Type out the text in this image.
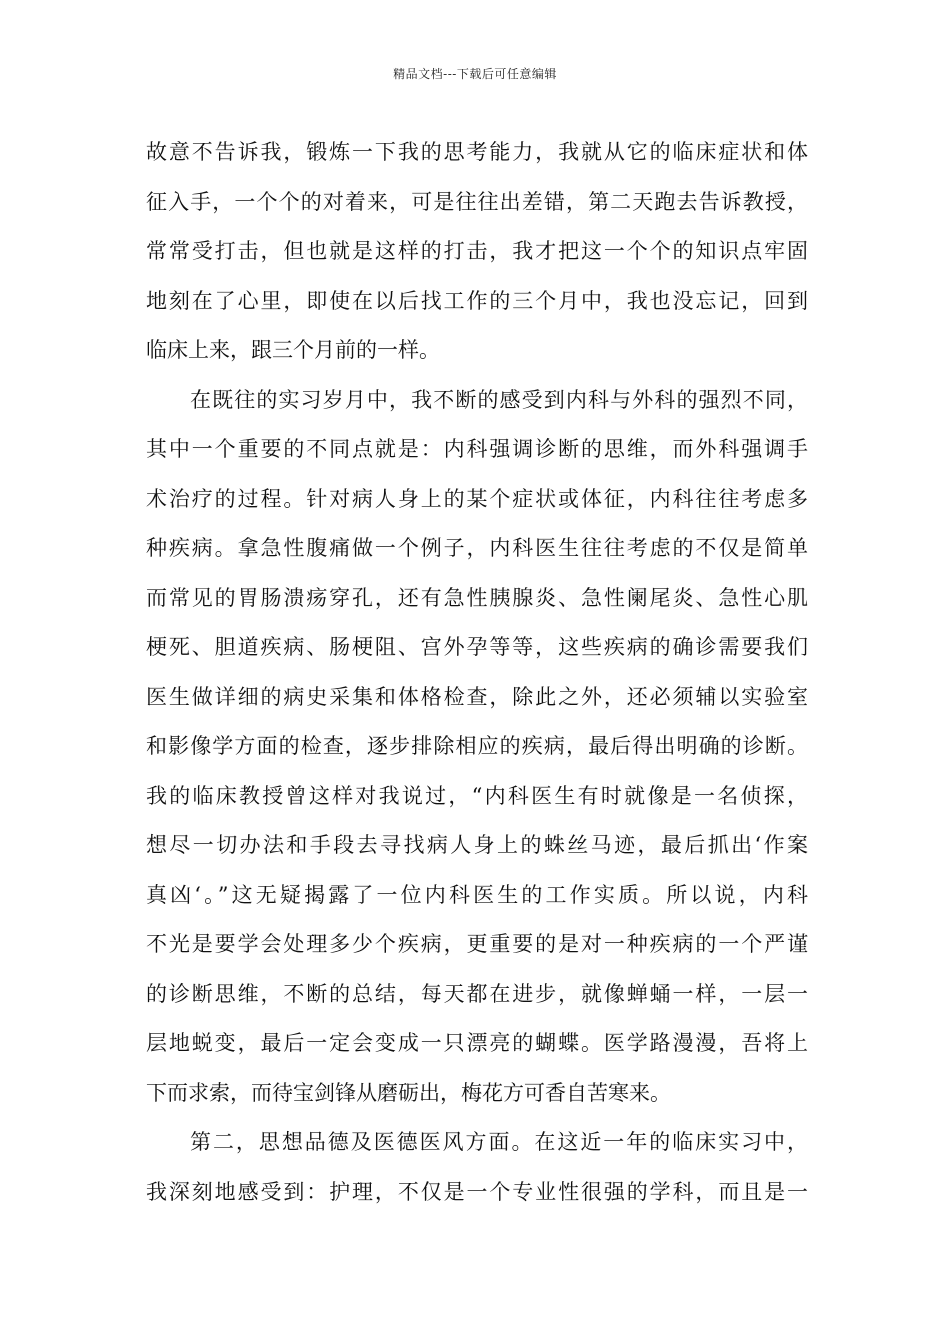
精品文档---下载后可任意编辑
故意不告诉我，锻炼一下我的思考能力，我就从它的临床症状和体
征入手，一个个的对着来，可是往往出差错，第二天跑去告诉教授，
常常受打击，但也就是这样的打击，我才把这一个个的知识点牢固
地刻在了心里，即使在以后找工作的三个月中，我也没忘记，回到
临床上来，跟三个月前的一样。
在既往的实习岁月中，我不断的感受到内科与外科的强烈不同，
其中一个重要的不同点就是：内科强调诊断的思维，而外科强调手
术治疗的过程。针对病人身上的某个症状或体征，内科往往考虑多
种疾病。拿急性腹痛做一个例子，内科医生往往考虑的不仅是简单
而常见的胃肠溃疡穿孔，还有急性胰腺炎、急性阑尾炎、急性心肌
梗死、胆道疾病、肠梗阻、宫外孕等等，这些疾病的确诊需要我们
医生做详细的病史采集和体格检查，除此之外，还必须辅以实验室
和影像学方面的检查，逐步排除相应的疾病，最后得出明确的诊断。
我的临床教授曾这样对我说过，“内科医生有时就像是一名侦探，
想尽一切办法和手段去寻找病人身上的蛛丝马迹，最后抓出‘作案
真凶‘。”这无疑揭露了一位内科医生的工作实质。所以说，内科
不光是要学会处理多少个疾病，更重要的是对一种疾病的一个严谨
的诊断思维，不断的总结，每天都在进步，就像蝉蛹一样，一层一
层地蜕变，最后一定会变成一只漂亮的蝴蝶。医学路漫漫，吾将上
下而求索，而待宝剑锋从磨砺出，梅花方可香自苦寒来。
第二，思想品德及医德医风方面。在这近一年的临床实习中，
我深刻地感受到：护理，不仅是一个专业性很强的学科，而且是一
